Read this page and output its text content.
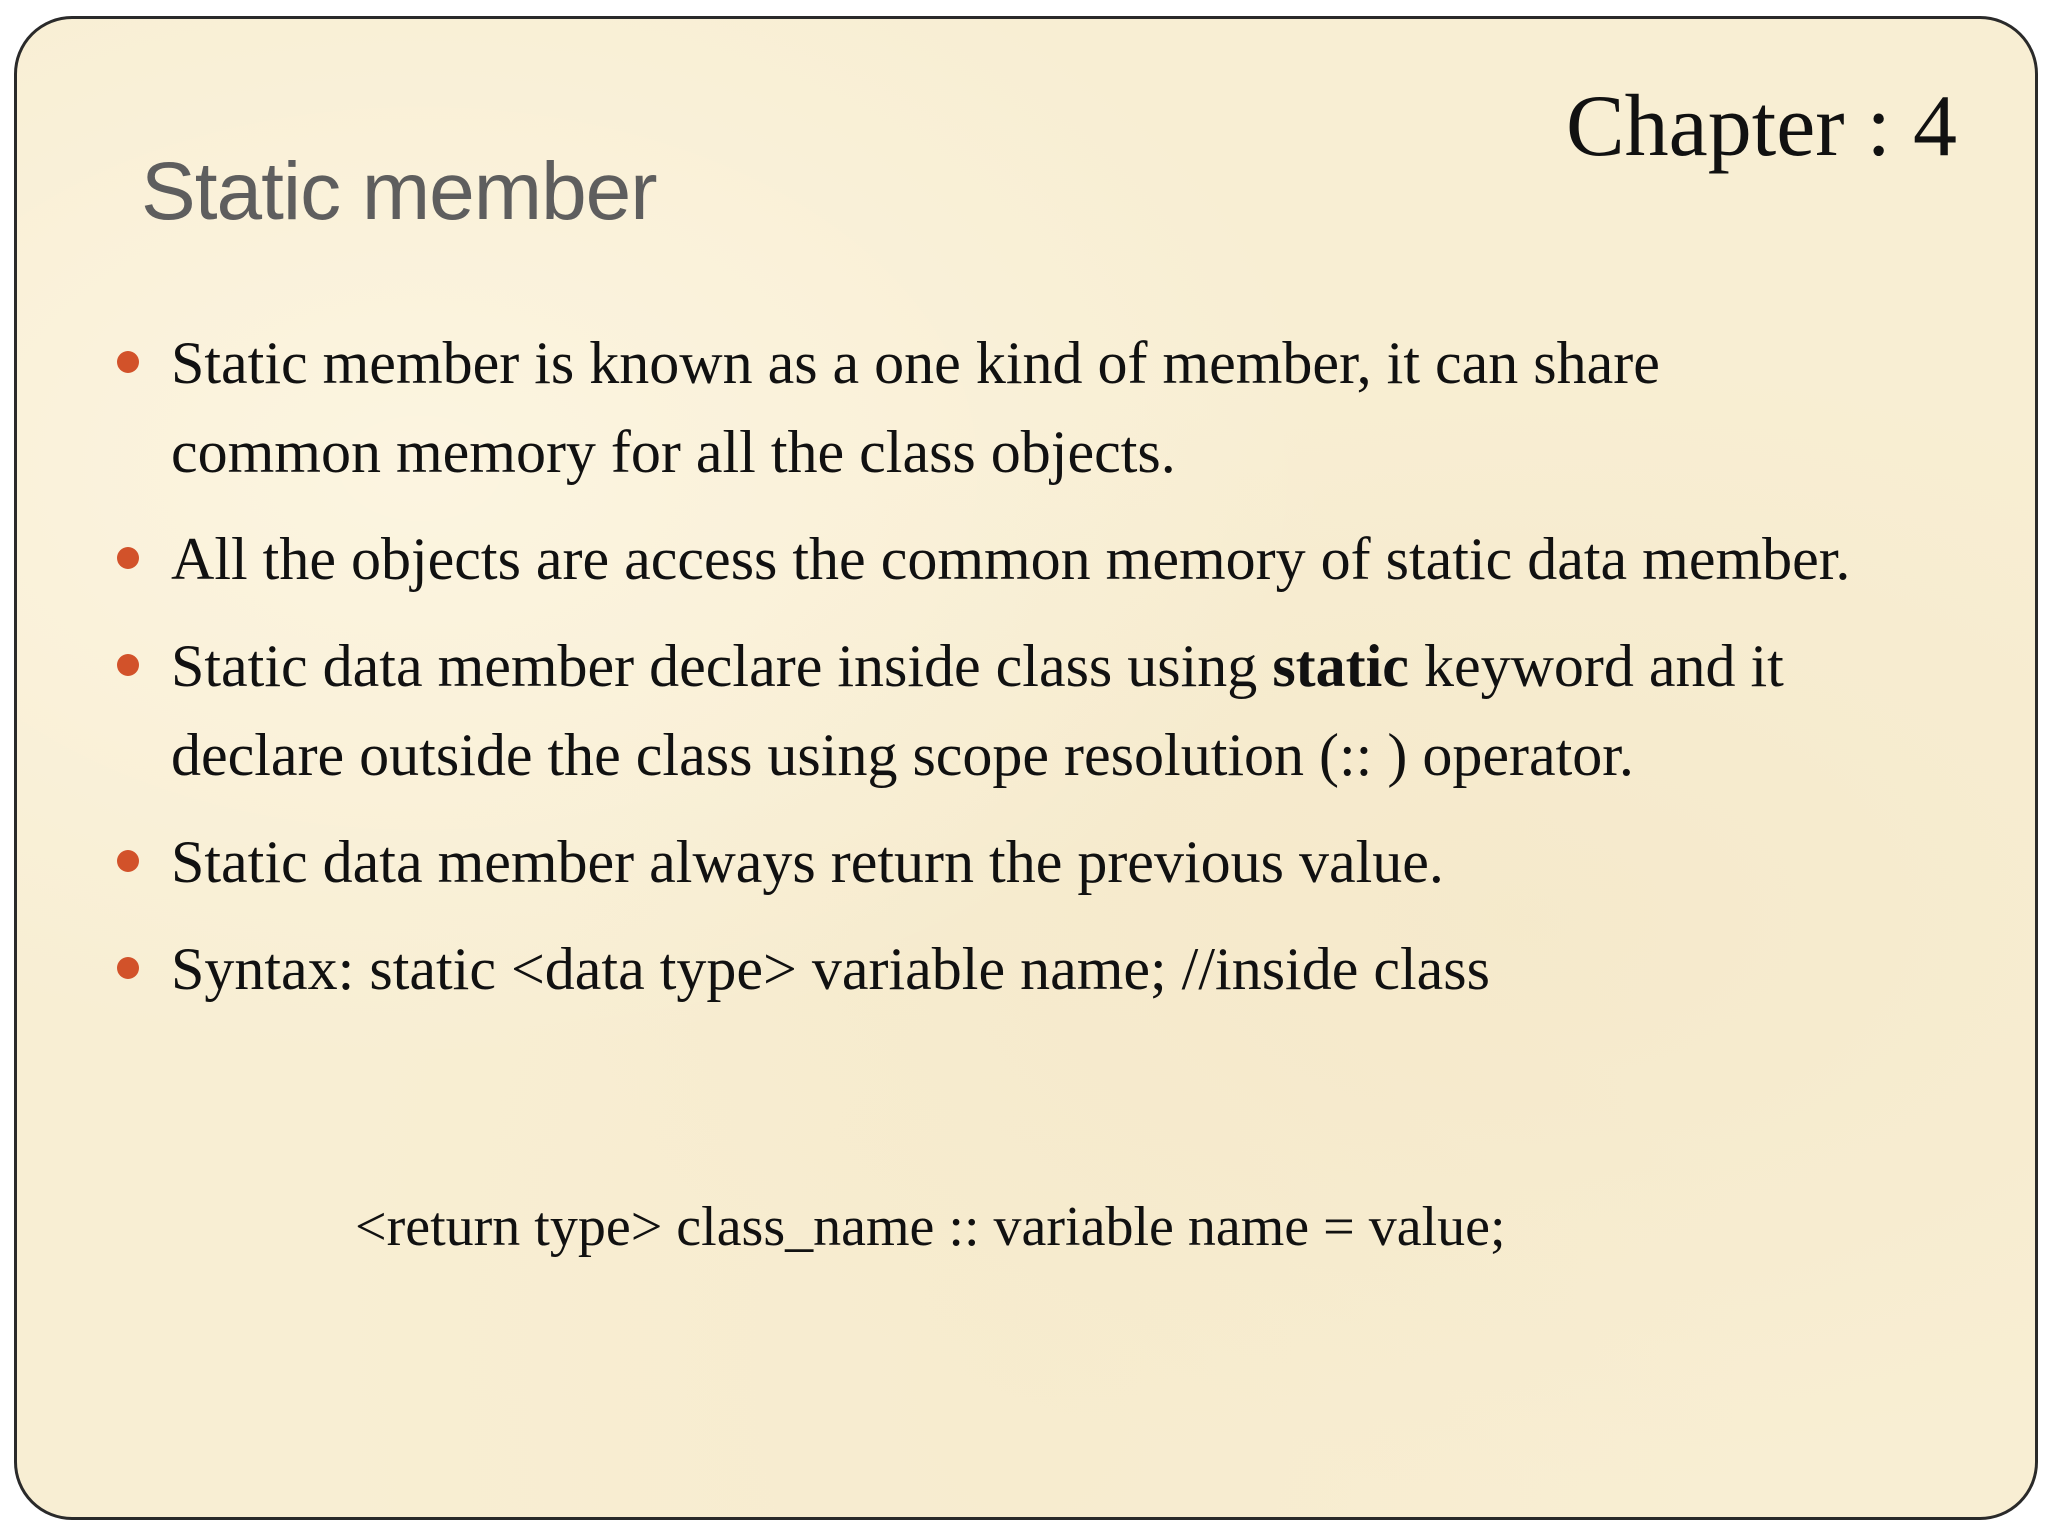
Chapter : 4
Static member
Static member is known as a one kind of member, it can share common memory for all the class objects.
All the objects are access the common memory of static data member.
Static data member declare inside class using static keyword and it declare outside the class using scope resolution (:: ) operator.
Static data member always return the previous value.
Syntax: static <data type> variable name; //inside class
<return type> class_name :: variable name = value;
